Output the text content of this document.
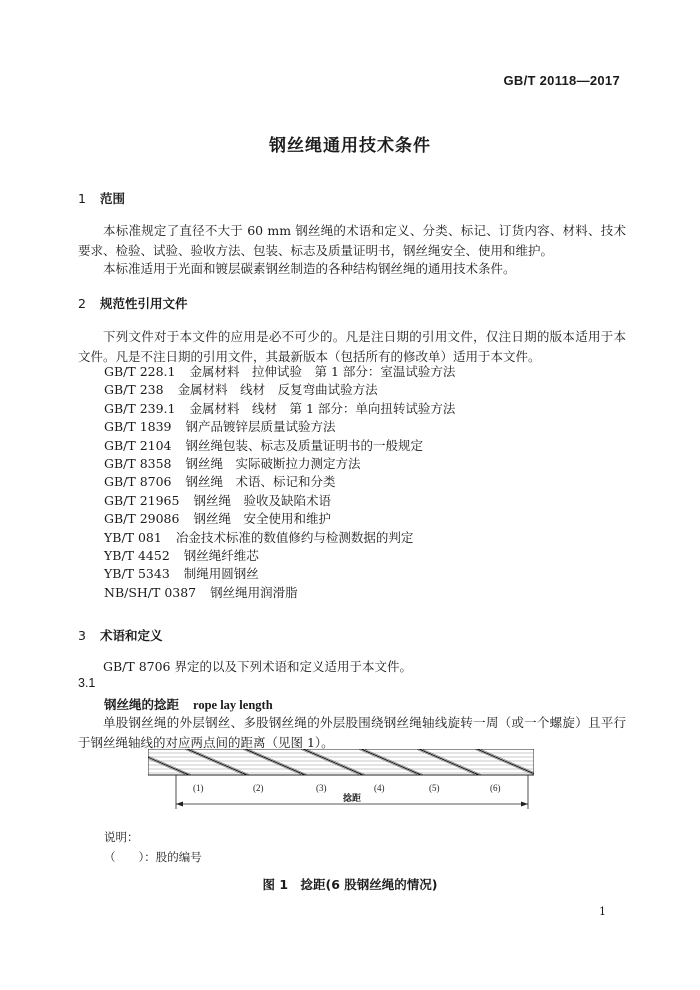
GB/T 20118—2017
钢丝绳通用技术条件
1 范围
本标准规定了直径不大于 60 mm 钢丝绳的术语和定义、分类、标记、订货内容、材料、技术要求、检验、试验、验收方法、包装、标志及质量证明书，钢丝绳安全、使用和维护。
本标准适用于光面和镀层碳素钢丝制造的各种结构钢丝绳的通用技术条件。
2 规范性引用文件
下列文件对于本文件的应用是必不可少的。凡是注日期的引用文件，仅注日期的版本适用于本文件。凡是不注日期的引用文件，其最新版本（包括所有的修改单）适用于本文件。
GB/T 228.1 金属材料　拉伸试验　第 1 部分：室温试验方法
GB/T 238 金属材料　线材　反复弯曲试验方法
GB/T 239.1 金属材料　线材　第 1 部分：单向扭转试验方法
GB/T 1839 钢产品镀锌层质量试验方法
GB/T 2104 钢丝绳包装、标志及质量证明书的一般规定
GB/T 8358 钢丝绳　实际破断拉力测定方法
GB/T 8706 钢丝绳　术语、标记和分类
GB/T 21965 钢丝绳　验收及缺陷术语
GB/T 29086 钢丝绳　安全使用和维护
YB/T 081 冶金技术标准的数值修约与检测数据的判定
YB/T 4452 钢丝绳纤维芯
YB/T 5343 制绳用圆钢丝
NB/SH/T 0387 钢丝绳用润滑脂
3 术语和定义
GB/T 8706 界定的以及下列术语和定义适用于本文件。
3.1
钢丝绳的捻距 rope lay length
单股钢丝绳的外层钢丝、多股钢丝绳的外层股围绕钢丝绳轴线旋转一周（或一个螺旋）且平行于钢丝绳轴线的对应两点间的距离（见图 1）。
(1)	(2)	(3)	(4)	(5)	(6)
捻距
说明：
（　　）：股的编号
图 1　捻距(6 股钢丝绳的情况)
1
